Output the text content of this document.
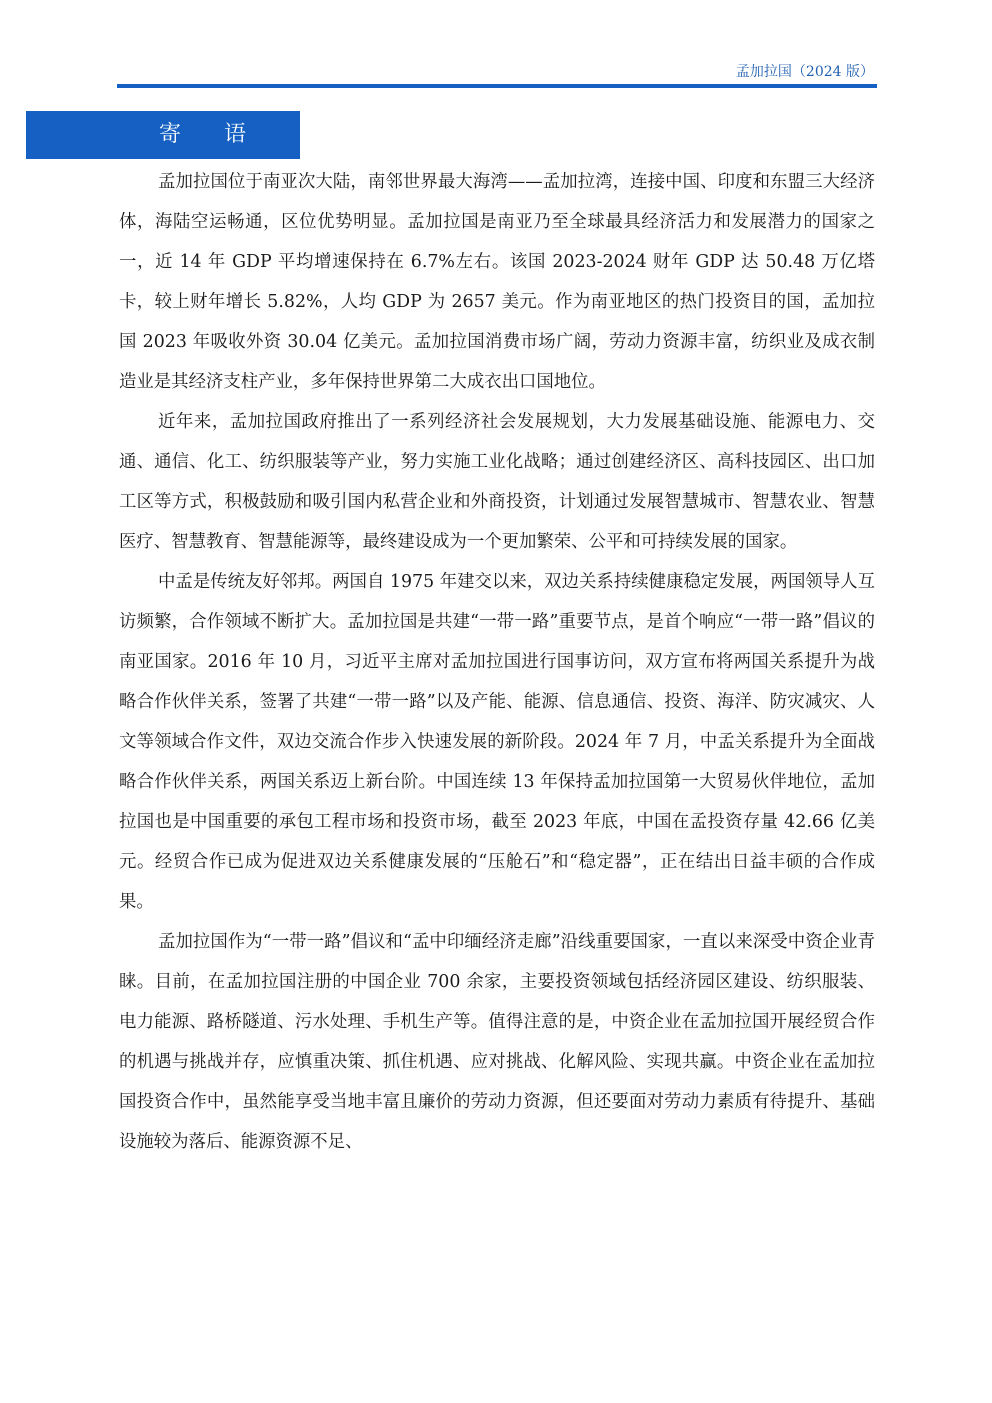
孟加拉国（2024 版）
寄 语

孟加拉国位于南亚次大陆，南邻世界最大海湾——孟加拉湾，连接中国、印度和东盟三大经济体，海陆空运畅通，区位优势明显。孟加拉国是南亚乃至全球最具经济活力和发展潜力的国家之一，近 14 年 GDP 平均增速保持在 6.7%左右。该国 2023-2024 财年 GDP 达 50.48 万亿塔卡，较上财年增长 5.82%，人均 GDP 为 2657 美元。作为南亚地区的热门投资目的国，孟加拉国 2023 年吸收外资 30.04 亿美元。孟加拉国消费市场广阔，劳动力资源丰富，纺织业及成衣制造业是其经济支柱产业，多年保持世界第二大成衣出口国地位。

近年来，孟加拉国政府推出了一系列经济社会发展规划，大力发展基础设施、能源电力、交通、通信、化工、纺织服装等产业，努力实施工业化战略；通过创建经济区、高科技园区、出口加工区等方式，积极鼓励和吸引国内私营企业和外商投资，计划通过发展智慧城市、智慧农业、智慧医疗、智慧教育、智慧能源等，最终建设成为一个更加繁荣、公平和可持续发展的国家。

中孟是传统友好邻邦。两国自 1975 年建交以来，双边关系持续健康稳定发展，两国领导人互访频繁，合作领域不断扩大。孟加拉国是共建“一带一路”重要节点，是首个响应“一带一路”倡议的南亚国家。2016 年 10 月，习近平主席对孟加拉国进行国事访问，双方宣布将两国关系提升为战略合作伙伴关系，签署了共建“一带一路”以及产能、能源、信息通信、投资、海洋、防灾减灾、人文等领域合作文件，双边交流合作步入快速发展的新阶段。2024 年 7 月，中孟关系提升为全面战略合作伙伴关系，两国关系迈上新台阶。中国连续 13 年保持孟加拉国第一大贸易伙伴地位，孟加拉国也是中国重要的承包工程市场和投资市场，截至 2023 年底，中国在孟投资存量 42.66 亿美元。经贸合作已成为促进双边关系健康发展的“压舱石”和“稳定器”，正在结出日益丰硕的合作成果。

孟加拉国作为“一带一路”倡议和“孟中印缅经济走廊”沿线重要国家，一直以来深受中资企业青睐。目前，在孟加拉国注册的中国企业 700 余家，主要投资领域包括经济园区建设、纺织服装、电力能源、路桥隧道、污水处理、手机生产等。值得注意的是，中资企业在孟加拉国开展经贸合作的机遇与挑战并存，应慎重决策、抓住机遇、应对挑战、化解风险、实现共赢。中资企业在孟加拉国投资合作中，虽然能享受当地丰富且廉价的劳动力资源，但还要面对劳动力素质有待提升、基础设施较为落后、能源资源不足、
